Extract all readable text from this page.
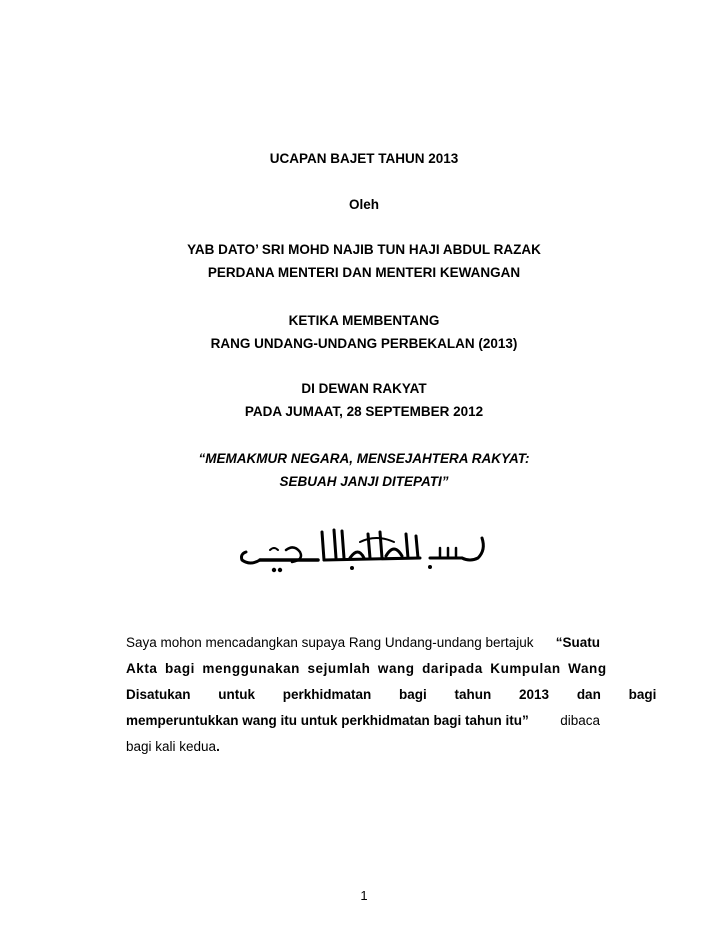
UCAPAN BAJET TAHUN 2013
Oleh
YAB DATO’ SRI MOHD NAJIB TUN HAJI ABDUL RAZAK
PERDANA MENTERI DAN MENTERI KEWANGAN
KETIKA MEMBENTANG
RANG UNDANG-UNDANG PERBEKALAN (2013)
DI DEWAN RAKYAT
PADA JUMAAT, 28 SEPTEMBER 2012
“MEMAKMUR NEGARA, MENSEJAHTERA RAKYAT:
SEBUAH JANJI DITEPATI”
Saya mohon mencadangkan supaya Rang Undang-undang bertajuk “Suatu
Akta bagi menggunakan sejumlah wang daripada Kumpulan Wang
Disatukan untuk perkhidmatan bagi tahun 2013 dan bagi
memperuntukkan wang itu untuk perkhidmatan bagi tahun itu” dibaca
bagi kali kedua.
1
